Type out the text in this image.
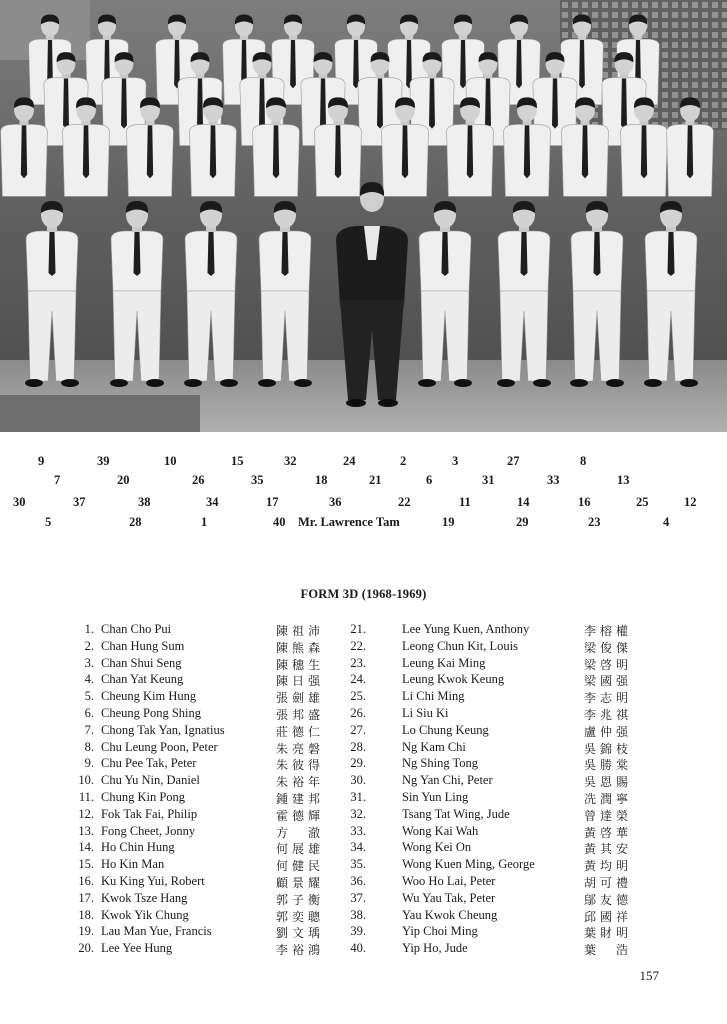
9	39	10	15	32	24	2	3	27	8
7	20	26	35	18	21	6	31	33	13
30	37	38	34	17	36	22	11	14	16	25	12
5	28	1	40	19	29	23	4
Mr. Lawrence Tam
FORM 3D (1968-1969)
1. Chan Cho Pui	陳祖沛
2. Chan Hung Sum	陳熊森
3. Chan Shui Seng	陳穗生
4. Chan Yat Keung	陳日强
5. Cheung Kim Hung	張劍雄
6. Cheung Pong Shing	張邦盛
7. Chong Tak Yan, Ignatius	莊德仁
8. Chu Leung Poon, Peter	朱亮磐
9. Chu Pee Tak, Peter	朱彼得
10. Chu Yu Nin, Daniel	朱裕年
11. Chung Kin Pong	鍾建邦
12. Fok Tak Fai, Philip	霍德輝
13. Fong Cheet, Jonny	方　澈
14. Ho Chin Hung	何展雄
15. Ho Kin Man	何健民
16. Ku King Yui, Robert	顧景耀
17. Kwok Tsze Hang	郭子衡
18. Kwok Yik Chung	郭奕聰
19. Lau Man Yue, Francis	劉文瑀
20. Lee Yee Hung	李裕鴻
21.	Lee Yung Kuen, Anthony	李榕權
22.	Leong Chun Kit, Louis	梁俊傑
23.	Leung Kai Ming	梁啓明
24.	Leung Kwok Keung	梁國强
25.	Li Chi Ming	李志明
26.	Li Siu Ki	李兆祺
27.	Lo Chung Keung	盧仲强
28.	Ng Kam Chi	吳錦枝
29.	Ng Shing Tong	吳勝棠
30.	Ng Yan Chi, Peter	吳恩賜
31.	Sin Yun Ling	冼潤寧
32.	Tsang Tat Wing, Jude	曾達榮
33.	Wong Kai Wah	黃啓華
34.	Wong Kei On	黃其安
35.	Wong Kuen Ming, George	黃均明
36.	Woo Ho Lai, Peter	胡可禮
37.	Wu Yau Tak, Peter	鄔友德
38.	Yau Kwok Cheung	邱國祥
39.	Yip Choi Ming	葉財明
40.	Yip Ho, Jude	葉　浩
157
